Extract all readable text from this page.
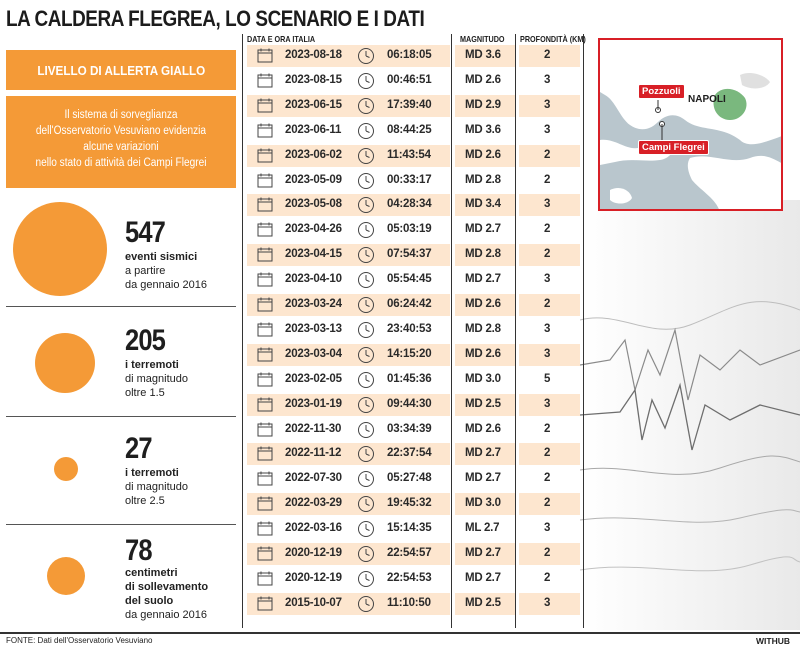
LA CALDERA FLEGREA, LO SCENARIO E I DATI
LIVELLO DI ALLERTA GIALLO
Il sistema di sorveglianza
dell'Osservatorio Vesuviano evidenzia
alcune variazioni
nello stato di attività dei Campi Flegrei
547
eventi sismici
a partire
da gennaio 2016
205
i terremoti
di magnitudo
oltre 1.5
27
i terremoti
di magnitudo
oltre 2.5
78
centimetri
di sollevamento
del suolo
da gennaio 2016
DATA E ORA ITALIA	MAGNITUDO PROFONDITÀ (KM)
2023-08-18	06:18:05	MD 3.6	2
2023-08-15	00:46:51	MD 2.6	3
2023-06-15	17:39:40	MD 2.9	3
2023-06-11	08:44:25	MD 3.6	3
2023-06-02	11:43:54	MD 2.6	2
2023-05-09	00:33:17	MD 2.8	2
2023-05-08	04:28:34	MD 3.4	3
2023-04-26	05:03:19	MD 2.7	2
2023-04-15	07:54:37	MD 2.8	2
2023-04-10	05:54:45	MD 2.7	3
2023-03-24	06:24:42	MD 2.6	2
2023-03-13	23:40:53	MD 2.8	3
2023-03-04	14:15:20	MD 2.6	3
2023-02-05	01:45:36	MD 3.0	5
2023-01-19	09:44:30	MD 2.5	3
2022-11-30	03:34:39	MD 2.6	2
2022-11-12	22:37:54	MD 2.7	2
2022-07-30	05:27:48	MD 2.7	2
2022-03-29	19:45:32	MD 3.0	2
2022-03-16	15:14:35	ML 2.7	3
2020-12-19	22:54:57	MD 2.7	2
2020-12-19	22:54:53	MD 2.7	2
2015-10-07	11:10:50	MD 2.5	3
Pozzuoli
NAPOLI
Campi Flegrei
FONTE: Dati dell'Osservatorio Vesuviano	WITHUB
